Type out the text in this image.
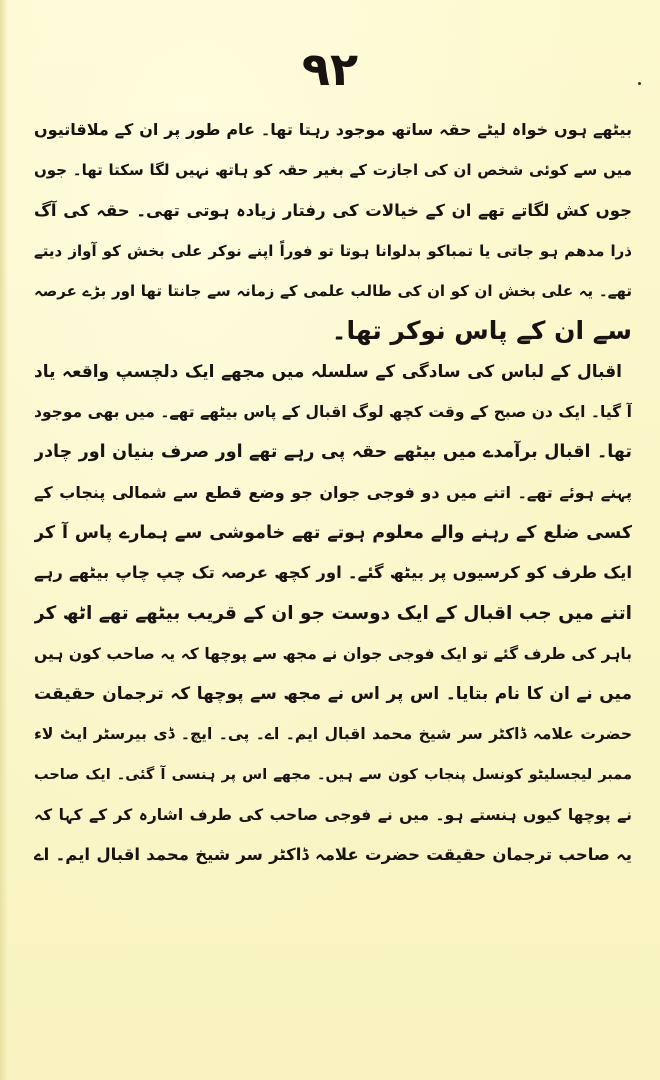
۹۲
بیٹھے ہوں خواہ لیٹے حقہ ساتھ موجود رہتا تھا۔ عام طور پر ان کے ملاقاتیوں
میں سے کوئی شخص ان کی اجازت کے بغیر حقہ کو ہاتھ نہیں لگا سکتا تھا۔ جوں
جوں کش لگاتے تھے ان کے خیالات کی رفتار زیادہ ہوتی تھی۔ حقہ کی آگ
ذرا مدھم ہو جاتی یا تمباکو بدلوانا ہوتا تو فوراً اپنے نوکر علی بخش کو آواز دیتے
تھے۔ یہ علی بخش ان کو ان کی طالب علمی کے زمانہ سے جانتا تھا اور بڑے عرصہ
سے ان کے پاس نوکر تھا۔
اقبال کے لباس کی سادگی کے سلسلہ میں مجھے ایک دلچسپ واقعہ یاد
آ گیا۔ ایک دن صبح کے وقت کچھ لوگ اقبال کے پاس بیٹھے تھے۔ میں بھی موجود
تھا۔ اقبال برآمدے میں بیٹھے حقہ پی رہے تھے اور صرف بنیان اور چادر
پہنے ہوئے تھے۔ اتنے میں دو فوجی جوان جو وضع قطع سے شمالی پنجاب کے
کسی ضلع کے رہنے والے معلوم ہوتے تھے خاموشی سے ہمارے پاس آ کر
ایک طرف کو کرسیوں پر بیٹھ گئے۔ اور کچھ عرصہ تک چپ چاپ بیٹھے رہے
اتنے میں جب اقبال کے ایک دوست جو ان کے قریب بیٹھے تھے اٹھ کر
باہر کی طرف گئے تو ایک فوجی جوان نے مجھ سے پوچھا کہ یہ صاحب کون ہیں
میں نے ان کا نام بتایا۔ اس پر اس نے مجھ سے پوچھا کہ ترجمان حقیقت
حضرت علامہ ڈاکٹر سر شیخ محمد اقبال ایم۔ اے۔ پی۔ ایچ۔ ڈی بیرسٹر ایٹ لاء
ممبر لیجسلیٹو کونسل پنجاب کون سے ہیں۔ مجھے اس پر ہنسی آ گئی۔ ایک صاحب
نے پوچھا کیوں ہنستے ہو۔ میں نے فوجی صاحب کی طرف اشارہ کر کے کہا کہ
یہ صاحب ترجمان حقیقت حضرت علامہ ڈاکٹر سر شیخ محمد اقبال ایم۔ اے
